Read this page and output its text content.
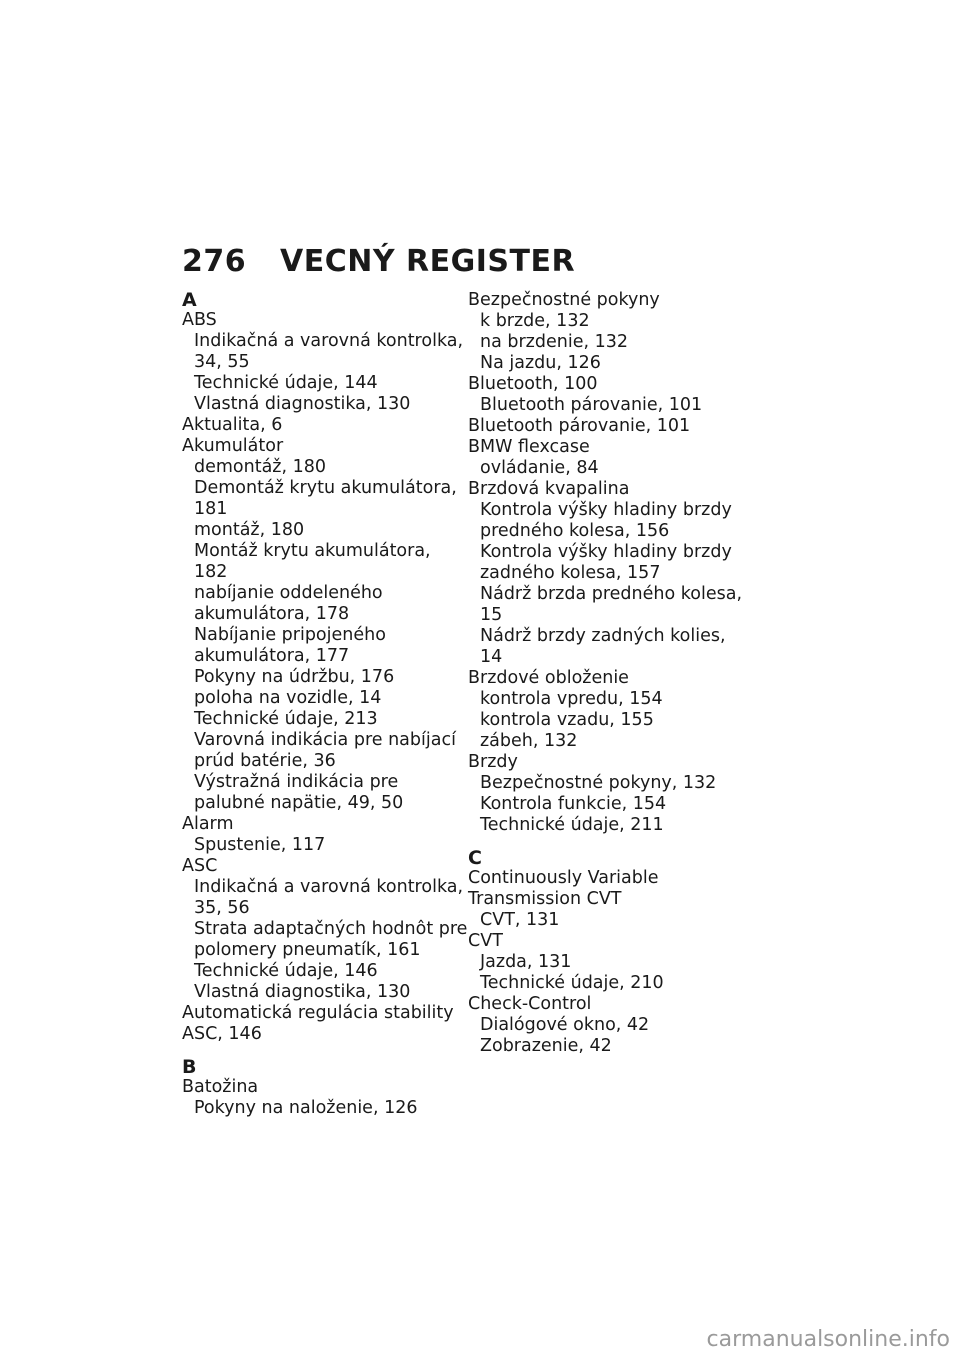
276	VECNÝ REGISTER
A
ABS
Indikačná a varovná kontrolka, 34, 55
Technické údaje, 144
Vlastná diagnostika, 130
Aktualita, 6
Akumulátor
demontáž, 180
Demontáž krytu akumulátora, 181
montáž, 180
Montáž krytu akumulátora, 182
nabíjanie oddeleného akumulátora, 178
Nabíjanie pripojeného akumulátora, 177
Pokyny na údržbu, 176
poloha na vozidle, 14
Technické údaje, 213
Varovná indikácia pre nabíjací prúd batérie, 36
Výstražná indikácia pre palubné napätie, 49, 50
Alarm
Spustenie, 117
ASC
Indikačná a varovná kontrolka, 35, 56
Strata adaptačných hodnôt pre polomery pneumatík, 161
Technické údaje, 146
Vlastná diagnostika, 130
Automatická regulácia stability ASC, 146
B
Batožina
Pokyny na naloženie, 126
Bezpečnostné pokyny
k brzde, 132
na brzdenie, 132
Na jazdu, 126
Bluetooth, 100
Bluetooth párovanie, 101
Bluetooth párovanie, 101
BMW flexcase
ovládanie, 84
Brzdová kvapalina
Kontrola výšky hladiny brzdy predného kolesa, 156
Kontrola výšky hladiny brzdy zadného kolesa, 157
Nádrž brzda predného kolesa, 15
Nádrž brzdy zadných kolies, 14
Brzdové obloženie
kontrola vpredu, 154
kontrola vzadu, 155
zábeh, 132
Brzdy
Bezpečnostné pokyny, 132
Kontrola funkcie, 154
Technické údaje, 211
C
Continuously Variable Transmission CVT
CVT, 131
CVT
Jazda, 131
Technické údaje, 210
Check-Control
Dialógové okno, 42
Zobrazenie, 42
carmanualsonline.info
